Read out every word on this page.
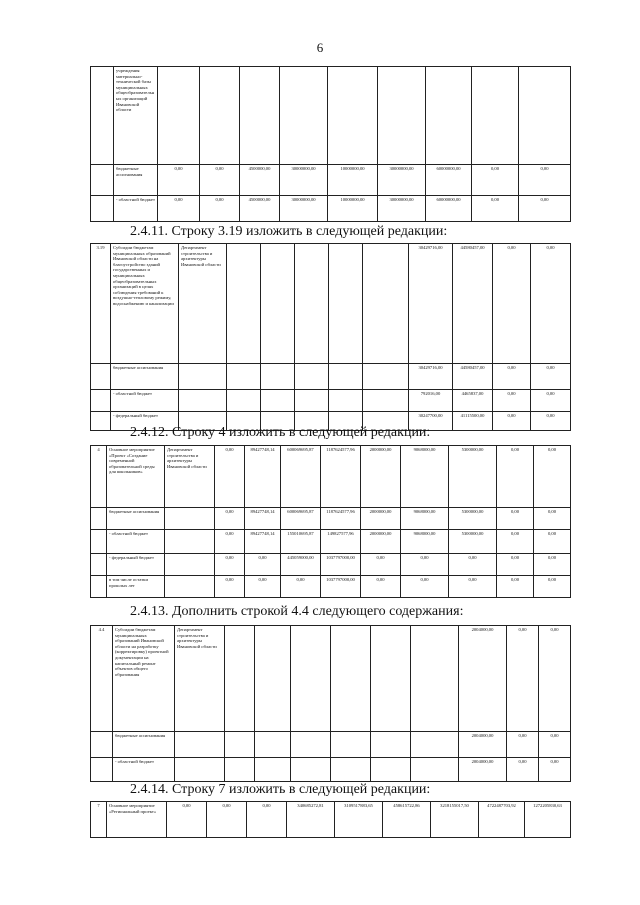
6
	учреждения материально-технической базы муниципальных общеобразовательных организаций Ивановской области									
	бюджетные ассигнования	0,00	0,00	4500000,00	30000000,00	10000000,00	30000000,00	60000000,00	0,00	0,00
	- областной бюджет	0,00	0,00	4500000,00	30000000,00	10000000,00	30000000,00	60000000,00	0,00	0,00
2.4.11. Строку 3.19 изложить в следующей редакции:
3.19	Субсидии бюджетам муниципальных образований Ивановской области на благоустройство зданий государственных и муниципальных общеобразовательных организаций в целях соблюдения требований к воздушно-тепловому режиму, водоснабжению и канализации	Департамент строительства и архитектуры Ивановской области						30429716,00	44580457,00	0,00	0,00
	бюджетные ассигнования							30429716,00	44580457,00	0,00	0,00
	- областной бюджет							792016,00	4465837,00	0,00	0,00
	- федеральный бюджет							30247700,00	41115500,00	0,00	0,00
2.4.12. Строку 4 изложить в следующей редакции:
4	Основное мероприятие «Проект «Создание современной образовательной среды для школьников»	Департамент строительства и архитектуры Ивановской области	0,00	89427748,14	600069695,87	1187624577,96	2000000,00	9068000,00	5300000,00	0,00	0,00
	бюджетные ассигнования		0,00	89427748,14	600069695,87	1187624577,96	2000000,00	9068000,00	5300000,00	0,00	0,00
	- областной бюджет		0,00	89427748,14	155010695,87	149827577,96	2000000,00	9068000,00	5300000,00	0,00	0,00
	- федеральный бюджет		0,00	0,00	445059000,00	1037797000,00	0,00	0,00	0,00	0,00	0,00
	в том числе остатки прошлых лет		0,00	0,00	0,00	1037797000,00	0,00	0,00	0,00	0,00	0,00
2.4.13. Дополнить строкой 4.4 следующего содержания:
4.4	Субсидии бюджетам муниципальных образований Ивановской области на разработку (корректировку) проектной документации на капитальный ремонт объектов общего образования	Департамент строительства и архитектуры Ивановской области							2004000,00	0,00	0,00
	бюджетные ассигнования								2004000,00	0,00	0,00
	- областной бюджет								2004000,00	0,00	0,00
2.4.14. Строку 7 изложить в следующей редакции:
7	Основное мероприятие «Региональный проект»	0,00	0,00	0,00	340685272,81	3109517883,65	458615722,86	3218155017,50	4722487703,92	1272205830,63
